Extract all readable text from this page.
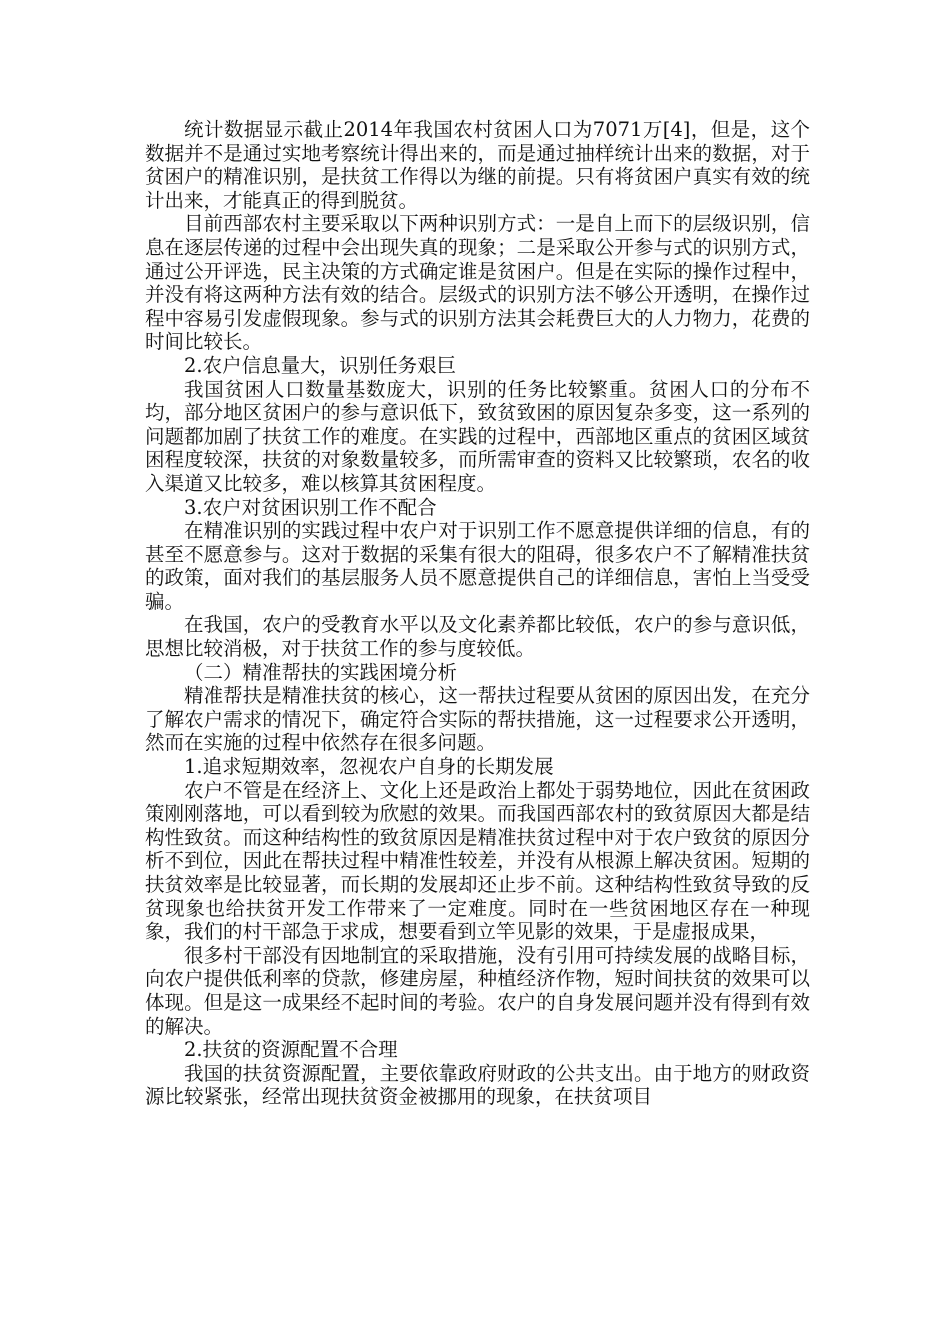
统计数据显示截止2014年我国农村贫困人口为7071万[4]，但是，这个数据并不是通过实地考察统计得出来的，而是通过抽样统计出来的数据，对于贫困户的精准识别，是扶贫工作得以为继的前提。只有将贫困户真实有效的统计出来，才能真正的得到脱贫。

目前西部农村主要采取以下两种识别方式：一是自上而下的层级识别，信息在逐层传递的过程中会出现失真的现象；二是采取公开参与式的识别方式，通过公开评选，民主决策的方式确定谁是贫困户。但是在实际的操作过程中，并没有将这两种方法有效的结合。层级式的识别方法不够公开透明，在操作过程中容易引发虚假现象。参与式的识别方法其会耗费巨大的人力物力，花费的时间比较长。

2.农户信息量大，识别任务艰巨

我国贫困人口数量基数庞大，识别的任务比较繁重。贫困人口的分布不均，部分地区贫困户的参与意识低下，致贫致困的原因复杂多变，这一系列的问题都加剧了扶贫工作的难度。在实践的过程中，西部地区重点的贫困区域贫困程度较深，扶贫的对象数量较多，而所需审查的资料又比较繁琐，农名的收入渠道又比较多，难以核算其贫困程度。

3.农户对贫困识别工作不配合

在精准识别的实践过程中农户对于识别工作不愿意提供详细的信息，有的甚至不愿意参与。这对于数据的采集有很大的阻碍，很多农户不了解精准扶贫的政策，面对我们的基层服务人员不愿意提供自己的详细信息，害怕上当受受骗。

在我国，农户的受教育水平以及文化素养都比较低，农户的参与意识低，思想比较消极，对于扶贫工作的参与度较低。

（二）精准帮扶的实践困境分析

精准帮扶是精准扶贫的核心，这一帮扶过程要从贫困的原因出发，在充分了解农户需求的情况下，确定符合实际的帮扶措施，这一过程要求公开透明，然而在实施的过程中依然存在很多问题。

1.追求短期效率，忽视农户自身的长期发展

农户不管是在经济上、文化上还是政治上都处于弱势地位，因此在贫困政策刚刚落地，可以看到较为欣慰的效果。而我国西部农村的致贫原因大都是结构性致贫。而这种结构性的致贫原因是精准扶贫过程中对于农户致贫的原因分析不到位，因此在帮扶过程中精准性较差，并没有从根源上解决贫困。短期的扶贫效率是比较显著，而长期的发展却还止步不前。这种结构性致贫导致的反贫现象也给扶贫开发工作带来了一定难度。同时在一些贫困地区存在一种现象，我们的村干部急于求成，想要看到立竿见影的效果，于是虚报成果，

很多村干部没有因地制宜的采取措施，没有引用可持续发展的战略目标，向农户提供低利率的贷款，修建房屋，种植经济作物，短时间扶贫的效果可以体现。但是这一成果经不起时间的考验。农户的自身发展问题并没有得到有效的解决。

2.扶贫的资源配置不合理

我国的扶贫资源配置，主要依靠政府财政的公共支出。由于地方的财政资源比较紧张，经常出现扶贫资金被挪用的现象，在扶贫项目
